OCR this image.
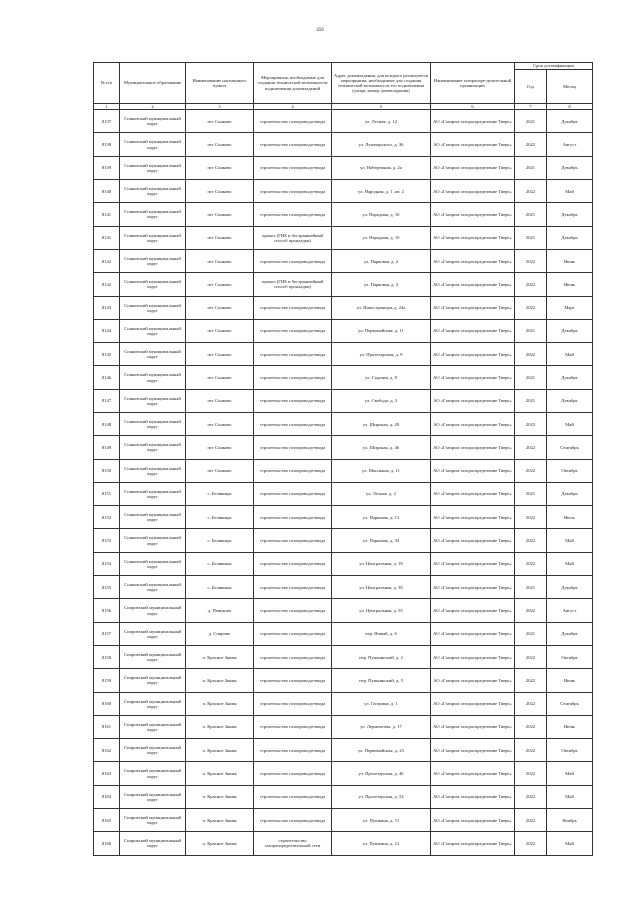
456
№ п/п	Муниципальное образование	Наименование населенного пункта	Мероприятия, необходимые для создания технической возможности подключения домовладений	Адрес домовладения, для которого реализуются мероприятия, необходимые для создания технической возможности его подключения (улица, номер домовладения)	Наименование газораспре-делительной организации	Срок догазификации	
						Год	Месяц
1	2	3	4	5	6	7	8
8137	Сонковский муниципальный округ	пгт Сонково	строительство газопровода-ввода	ул. Лесная, д. 12	АО «Газпром газораспределение Тверь»	2021	Декабрь
8138	Сонковский муниципальный округ	пгт Сонково	строительство газопровода-ввода	ул. Луначарского, д. 36	АО «Газпром газораспределение Тверь»	2022	Август
8139	Сонковский муниципальный округ	пгт Сонково	строительство газопровода-ввода	ул. Набережная, д. 2а	АО «Газпром газораспределение Тверь»	2021	Декабрь
8140	Сонковский муниципальный округ	пгт Сонково	строительство газопровода-ввода	ул. Народная, д. 1, кв. 2	АО «Газпром газораспределение Тверь»	2022	Май
8141	Сонковский муниципальный округ	пгт Сонково	строительство газопровода-ввода	ул. Народная, д. 10	АО «Газпром газораспределение Тверь»	2021	Декабрь
8141	Сонковский муниципальный округ	пгт Сонково	прокол (ГНБ и бестраншейный способ прокладки)	ул. Народная, д. 10	АО «Газпром газораспределение Тверь»	2021	Декабрь
8142	Сонковский муниципальный округ	пгт Сонково	строительство газопровода-ввода	ул. Парковая, д. 2	АО «Газпром газораспределение Тверь»	2022	Июнь
8142	Сонковский муниципальный округ	пгт Сонково	прокол (ГНБ и бестраншейный способ прокладки)	ул. Парковая, д. 2	АО «Газпром газораспределение Тверь»	2022	Июнь
8143	Сонковский муниципальный округ	пгт Сонково	строительство газопровода-ввода	ул. Новостроящая, д. 24а	АО «Газпром газораспределение Тверь»	2022	Март
8144	Сонковский муниципальный округ	пгт Сонково	строительство газопровода-ввода	ул. Первомайская, д. 11	АО «Газпром газораспределение Тверь»	2021	Декабрь
8145	Сонковский муниципальный округ	пгт Сонково	строительство газопровода-ввода	ул. Пролетарская, д. 9	АО «Газпром газораспределение Тверь»	2022	Май
8146	Сонковский муниципальный округ	пгт Сонково	строительство газопровода-ввода	ул. Садовая, д. 8	АО «Газпром газораспределение Тверь»	2021	Декабрь
8147	Сонковский муниципальный округ	пгт Сонково	строительство газопровода-ввода	ул. Свобода, д. 3	АО «Газпром газораспределение Тверь»	2021	Декабрь
8148	Сонковский муниципальный округ	пгт Сонково	строительство газопровода-ввода	ул. Широкая, д. 28	АО «Газпром газораспределение Тверь»	2023	Май
8149	Сонковский муниципальный округ	пгт Сонково	строительство газопровода-ввода	ул. Широкая, д. 46	АО «Газпром газораспределение Тверь»	2022	Сентябрь
8150	Сонковский муниципальный округ	пгт Сонково	строительство газопровода-ввода	ул. Школьная, д. 11	АО «Газпром газораспределение Тверь»	2022	Октябрь
8151	Сонковский муниципальный округ	с. Беляницы	строительство газопровода-ввода	ул. Лесная, д. 2	АО «Газпром газораспределение Тверь»	2021	Декабрь
8152	Сонковский муниципальный округ	с. Беляницы	строительство газопровода-ввода	ул. Парковая, д. 13	АО «Газпром газораспределение Тверь»	2022	Июль
8153	Сонковский муниципальный округ	с. Беляницы	строительство газопровода-ввода	ул. Парковая, д. 34	АО «Газпром газораспределение Тверь»	2022	Май
8154	Сонковский муниципальный округ	с. Беляницы	строительство газопровода-ввода	ул. Центральная, д. 18	АО «Газпром газораспределение Тверь»	2022	Май
8155	Сонковский муниципальный округ	с. Беляницы	строительство газопровода-ввода	ул. Центральная, д. 39	АО «Газпром газораспределение Тверь»	2021	Декабрь
8156	Спировский муниципальный округ	д. Пеньково	строительство газопровода-ввода	ул. Центральная, д. 55	АО «Газпром газораспределение Тверь»	2022	Август
8157	Спировский муниципальный округ	д. Спирово	строительство газопровода-ввода	пер. Новый, д. 6	АО «Газпром газораспределение Тверь»	2021	Декабрь
8158	Спировский муниципальный округ	п. Красное Знамя	строительство газопровода-ввода	пер. Пушкинский, д. 2	АО «Газпром газораспределение Тверь»	2022	Октябрь
8159	Спировский муниципальный округ	п. Красное Знамя	строительство газопровода-ввода	пер. Пушкинский, д. 5	АО «Газпром газораспределение Тверь»	2022	Июнь
8160	Спировский муниципальный округ	п. Красное Знамя	строительство газопровода-ввода	ул. Гагарина, д. 1	АО «Газпром газораспределение Тверь»	2022	Сентябрь
8161	Спировский муниципальный округ	п. Красное Знамя	строительство газопровода-ввода	ул. Лермонтова, д. 17	АО «Газпром газораспределение Тверь»	2022	Июнь
8162	Спировский муниципальный округ	п. Красное Знамя	строительство газопровода-ввода	ул. Первомайская, д. 23	АО «Газпром газораспределение Тверь»	2022	Октябрь
8163	Спировский муниципальный округ	п. Красное Знамя	строительство газопровода-ввода	ул. Пролетарская, д. 46	АО «Газпром газораспределение Тверь»	2022	Май
8164	Спировский муниципальный округ	п. Красное Знамя	строительство газопровода-ввода	ул. Пролетарская, д. 52	АО «Газпром газораспределение Тверь»	2022	Май
8165	Спировский муниципальный округ	п. Красное Знамя	строительство газопровода-ввода	ул. Пушкина, д. 11	АО «Газпром газораспределение Тверь»	2022	Ноябрь
8166	Спировский муниципальный округ	п. Красное Знамя	строительство газораспределительной сети	ул. Пушкина, д. 21	АО «Газпром газораспределение Тверь»	2022	Май
